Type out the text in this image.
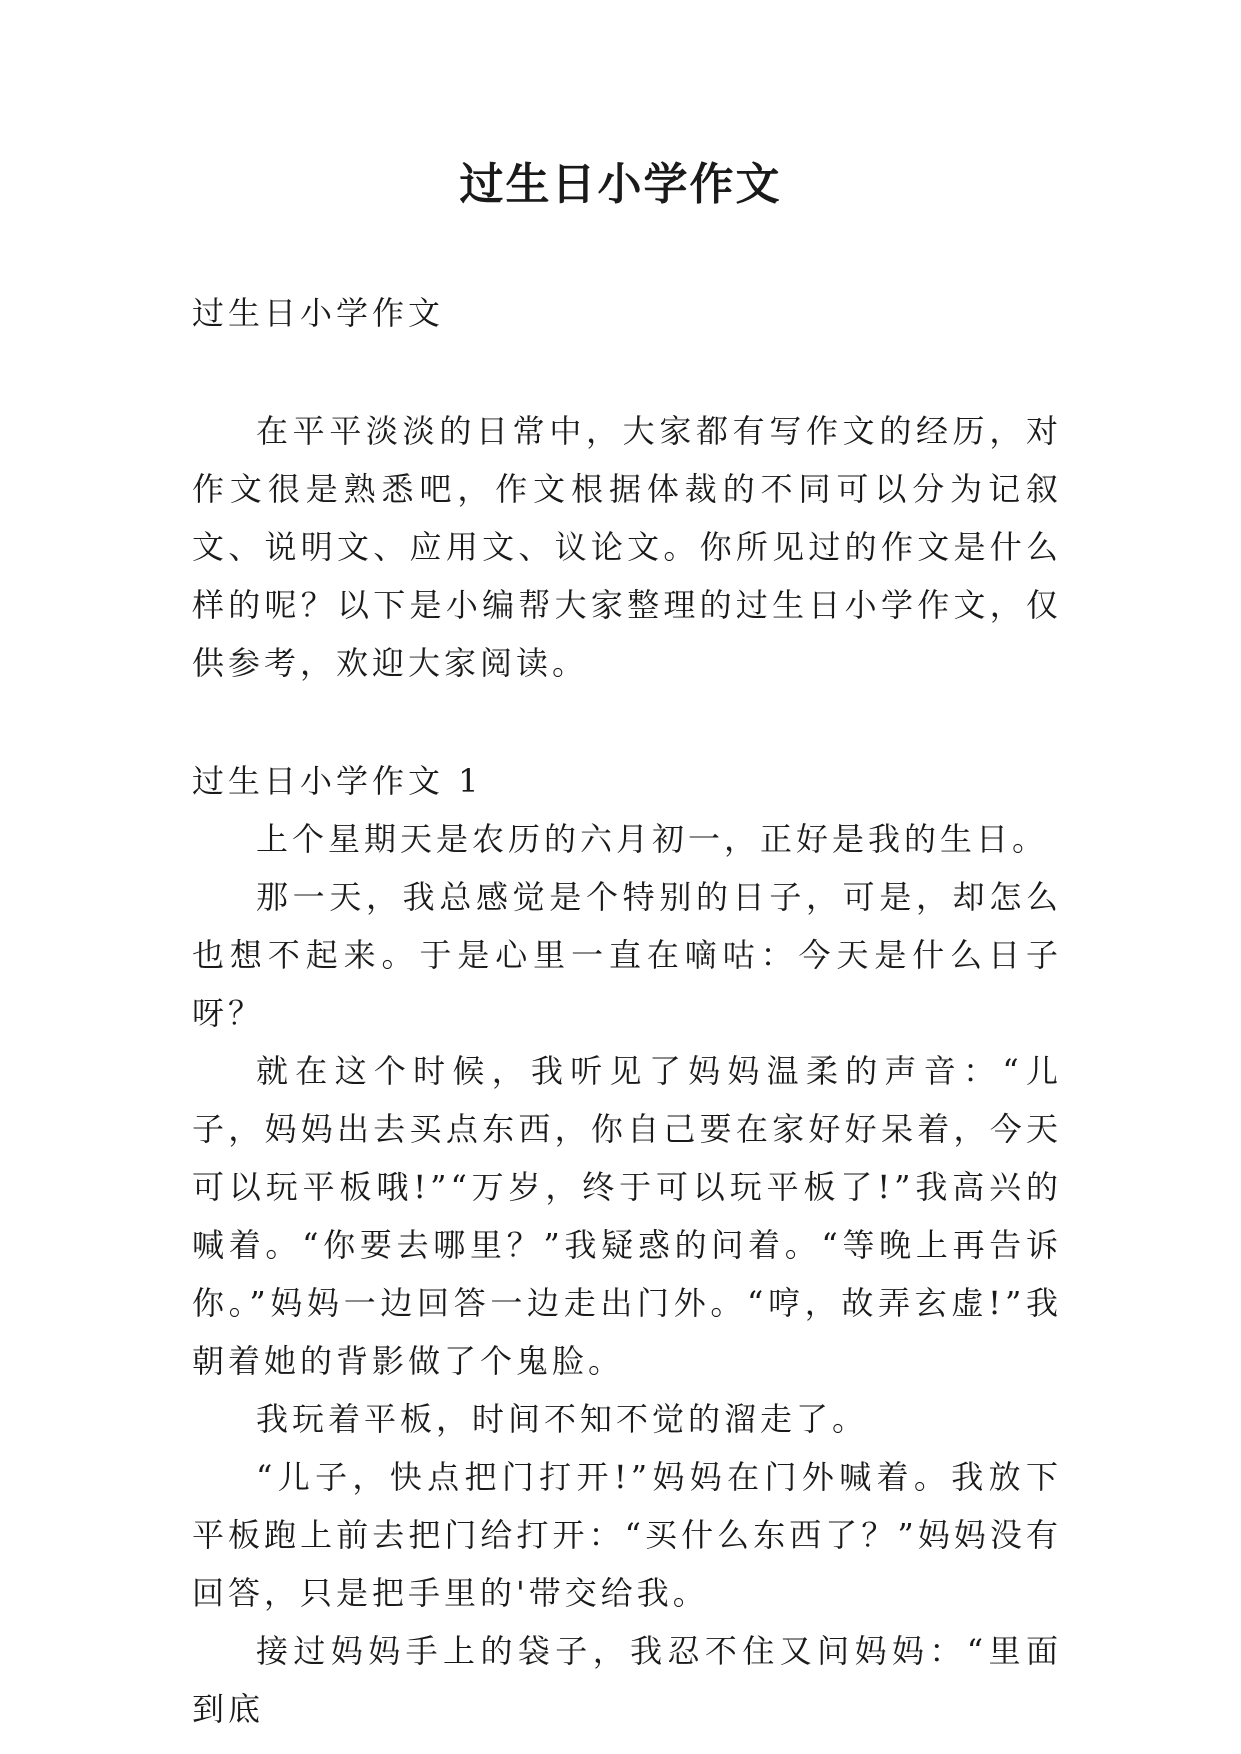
过生日小学作文

过生日小学作文

在平平淡淡的日常中，大家都有写作文的经历，对作文很是熟悉吧，作文根据体裁的不同可以分为记叙文、说明文、应用文、议论文。你所见过的作文是什么样的呢？以下是小编帮大家整理的过生日小学作文，仅供参考，欢迎大家阅读。

过生日小学作文 1

上个星期天是农历的六月初一，正好是我的生日。

那一天，我总感觉是个特别的日子，可是，却怎么也想不起来。于是心里一直在嘀咕：今天是什么日子呀？

就在这个时候，我听见了妈妈温柔的声音：“儿子，妈妈出去买点东西，你自己要在家好好呆着，今天可以玩平板哦!”“万岁，终于可以玩平板了!”我高兴的喊着。“你要去哪里？”我疑惑的问着。“等晚上再告诉你。”妈妈一边回答一边走出门外。“哼，故弄玄虚!”我朝着她的背影做了个鬼脸。

我玩着平板，时间不知不觉的溜走了。

“儿子，快点把门打开!”妈妈在门外喊着。我放下平板跑上前去把门给打开：“买什么东西了？”妈妈没有回答，只是把手里的'带交给我。

接过妈妈手上的袋子，我忍不住又问妈妈：“里面到底
